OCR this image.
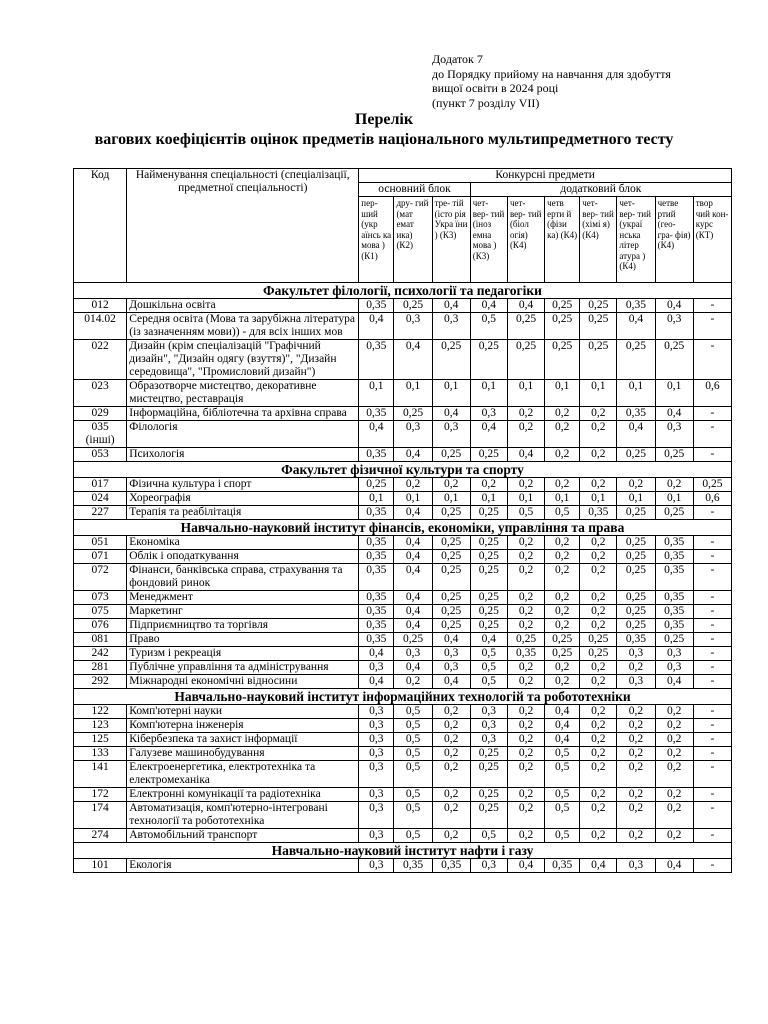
Додаток 7
до Порядку прийому на навчання для здобуття
вищої освіти в 2024 році
(пункт 7 розділу VII)
Перелік
вагових коефіцієнтів оцінок предметів національного мультипредметного тесту
Код	Найменування спеціальності (спеціалізації, предметної спеціальності)	Конкурсні предмети									
		основний блок			додатковий блок						
		пер- ший (укр аїнсь ка мова )(К1)	дру- гий (мат емат ика) (К2)	тре- тій (істо рія Укра їни ) (К3)	чет- вер- тий (інoз емна мова ) (К3)	чет- вер- тий (біол огія) (К4)	четв ерти й (фізи ка) (К4)	чет- вер- тий (хімі я) (К4)	чет- вер- тий (украї нська літер атура ) (К4)	четве ртий (гео- гра- фія) (К4)	твор чий кон- курс (КТ)
Факультет філології, психології та педагогіки											
012	Дошкільна освіта	0,35	0,25	0,4	0,4	0,4	0,25	0,25	0,35	0,4	-
014.02	Середня освіта (Мова та зарубіжна література (із зазначенням мови)) - для всіх інших мов	0,4	0,3	0,3	0,5	0,25	0,25	0,25	0,4	0,3	-
022	Дизайн (крім спеціалізацій "Графічний дизайн", "Дизайн одягу (взуття)", "Дизайн середовища", "Промисловий дизайн")	0,35	0,4	0,25	0,25	0,25	0,25	0,25	0,25	0,25	-
023	Образотворче мистецтво, декоративне мистецтво, реставрація	0,1	0,1	0,1	0,1	0,1	0,1	0,1	0,1	0,1	0,6
029	Інформаційна, бібліотечна та архівна справа	0,35	0,25	0,4	0,3	0,2	0,2	0,2	0,35	0,4	-
035 (інші)	Філологія	0,4	0,3	0,3	0,4	0,2	0,2	0,2	0,4	0,3	-
053	Психологія	0,35	0,4	0,25	0,25	0,4	0,2	0,2	0,25	0,25	-
Факультет фізичної культури та спорту											
017	Фізична культура і спорт	0,25	0,2	0,2	0,2	0,2	0,2	0,2	0,2	0,2	0,25
024	Хореографія	0,1	0,1	0,1	0,1	0,1	0,1	0,1	0,1	0,1	0,6
227	Терапія та реабілітація	0,35	0,4	0,25	0,25	0,5	0,5	0,35	0,25	0,25	-
Навчально-науковий інститут фінансів, економіки, управління та права											
051	Економіка	0,35	0,4	0,25	0,25	0,2	0,2	0,2	0,25	0,35	-
071	Облік і оподаткування	0,35	0,4	0,25	0,25	0,2	0,2	0,2	0,25	0,35	-
072	Фінанси, банківська справа, страхування та фондовий ринок	0,35	0,4	0,25	0,25	0,2	0,2	0,2	0,25	0,35	-
073	Менеджмент	0,35	0,4	0,25	0,25	0,2	0,2	0,2	0,25	0,35	-
075	Маркетинг	0,35	0,4	0,25	0,25	0,2	0,2	0,2	0,25	0,35	-
076	Підприємництво та торгівля	0,35	0,4	0,25	0,25	0,2	0,2	0,2	0,25	0,35	-
081	Право	0,35	0,25	0,4	0,4	0,25	0,25	0,25	0,35	0,25	-
242	Туризм і рекреація	0,4	0,3	0,3	0,5	0,35	0,25	0,25	0,3	0,3	-
281	Публічне управління та адміністрування	0,3	0,4	0,3	0,5	0,2	0,2	0,2	0,2	0,3	-
292	Міжнародні економічні відносини	0,4	0,2	0,4	0,5	0,2	0,2	0,2	0,3	0,4	-
Навчально-науковий інститут інформаційних технологій та робототехніки											
122	Комп'ютерні науки	0,3	0,5	0,2	0,3	0,2	0,4	0,2	0,2	0,2	-
123	Комп'ютерна інженерія	0,3	0,5	0,2	0,3	0,2	0,4	0,2	0,2	0,2	-
125	Кібербезпека та захист інформації	0,3	0,5	0,2	0,3	0,2	0,4	0,2	0,2	0,2	-
133	Галузеве машинобудування	0,3	0,5	0,2	0,25	0,2	0,5	0,2	0,2	0,2	-
141	Електроенергетика, електротехніка та електромеханіка	0,3	0,5	0,2	0,25	0,2	0,5	0,2	0,2	0,2	-
172	Електронні комунікації та радіотехніка	0,3	0,5	0,2	0,25	0,2	0,5	0,2	0,2	0,2	-
174	Автоматизація, комп'ютерно-інтегровані технології та робототехніка	0,3	0,5	0,2	0,25	0,2	0,5	0,2	0,2	0,2	-
274	Автомобільний транспорт	0,3	0,5	0,2	0,5	0,2	0,5	0,2	0,2	0,2	-
Навчально-науковий інститут нафти і газу											
101	Екологія	0,3	0,35	0,35	0,3	0,4	0,35	0,4	0,3	0,4	-
